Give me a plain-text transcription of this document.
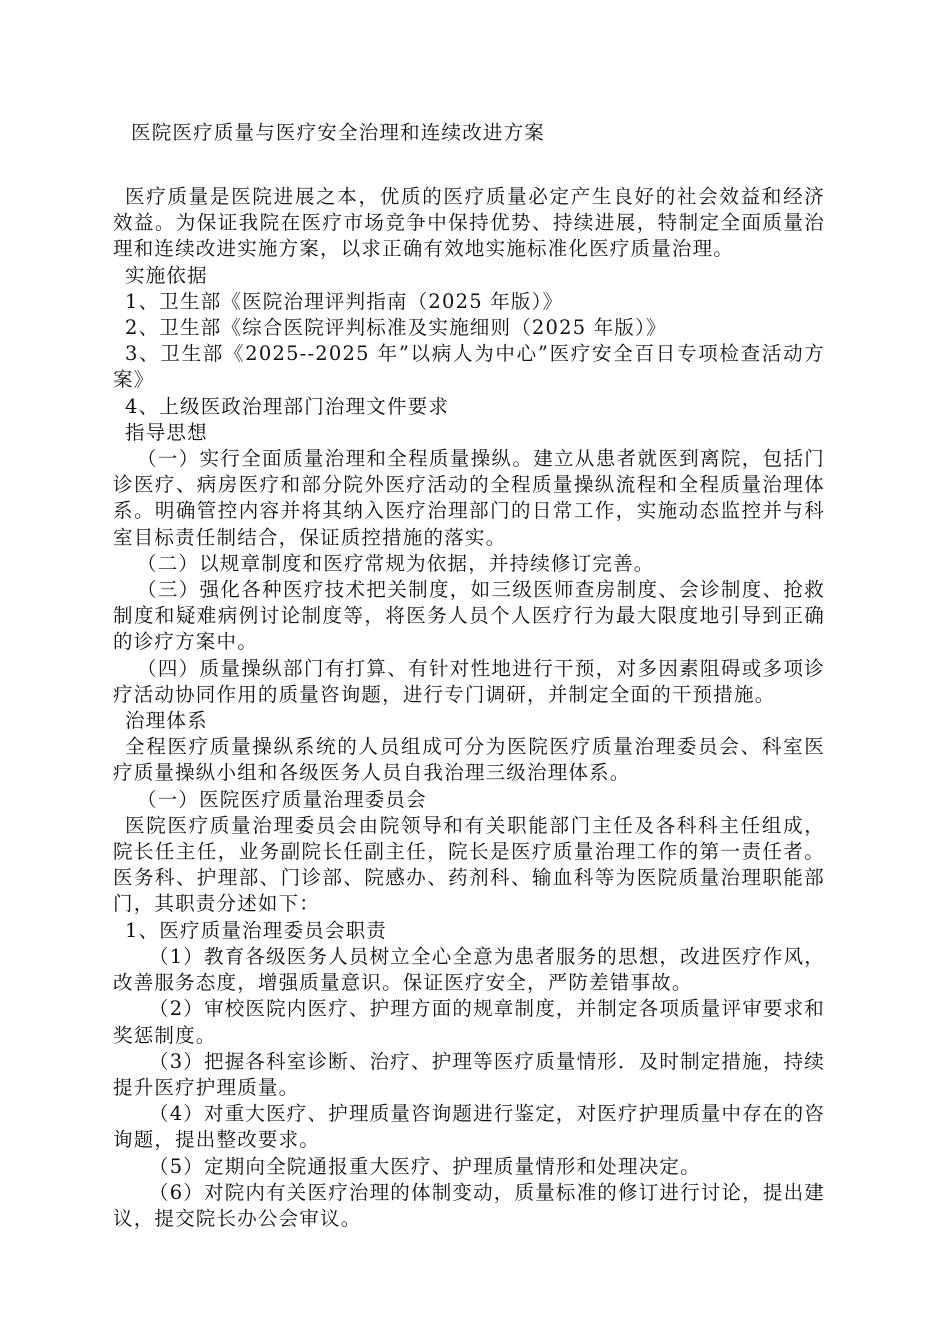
医院医疗质量与医疗安全治理和连续改进方案

医疗质量是医院进展之本，优质的医疗质量必定产生良好的社会效益和经济效益。为保证我院在医疗市场竞争中保持优势、持续进展，特制定全面质量治理和连续改进实施方案，以求正确有效地实施标准化医疗质量治理。

实施依据

1、卫生部《医院治理评判指南（2025 年版）》

2、卫生部《综合医院评判标准及实施细则（2025 年版）》

3、卫生部《2025--2025 年”以病人为中心”医疗安全百日专项检查活动方案》

4、上级医政治理部门治理文件要求

指导思想

（一）实行全面质量治理和全程质量操纵。建立从患者就医到离院，包括门诊医疗、病房医疗和部分院外医疗活动的全程质量操纵流程和全程质量治理体系。明确管控内容并将其纳入医疗治理部门的日常工作，实施动态监控并与科室目标责任制结合，保证质控措施的落实。

（二）以规章制度和医疗常规为依据，并持续修订完善。

（三）强化各种医疗技术把关制度，如三级医师查房制度、会诊制度、抢救制度和疑难病例讨论制度等，将医务人员个人医疗行为最大限度地引导到正确的诊疗方案中。

（四）质量操纵部门有打算、有针对性地进行干预，对多因素阻碍或多项诊疗活动协同作用的质量咨询题，进行专门调研，并制定全面的干预措施。

治理体系

全程医疗质量操纵系统的人员组成可分为医院医疗质量治理委员会、科室医疗质量操纵小组和各级医务人员自我治理三级治理体系。

（一）医院医疗质量治理委员会

医院医疗质量治理委员会由院领导和有关职能部门主任及各科科主任组成，院长任主任，业务副院长任副主任，院长是医疗质量治理工作的第一责任者。医务科、护理部、门诊部、院感办、药剂科、输血科等为医院质量治理职能部门，其职责分述如下：

1、医疗质量治理委员会职责

（1）教育各级医务人员树立全心全意为患者服务的思想，改进医疗作风，改善服务态度，增强质量意识。保证医疗安全，严防差错事故。

（2）审校医院内医疗、护理方面的规章制度，并制定各项质量评审要求和奖惩制度。

（3）把握各科室诊断、治疗、护理等医疗质量情形．及时制定措施，持续提升医疗护理质量。

（4）对重大医疗、护理质量咨询题进行鉴定，对医疗护理质量中存在的咨询题，提出整改要求。

（5）定期向全院通报重大医疗、护理质量情形和处理决定。

（6）对院内有关医疗治理的体制变动，质量标准的修订进行讨论，提出建议，提交院长办公会审议。
